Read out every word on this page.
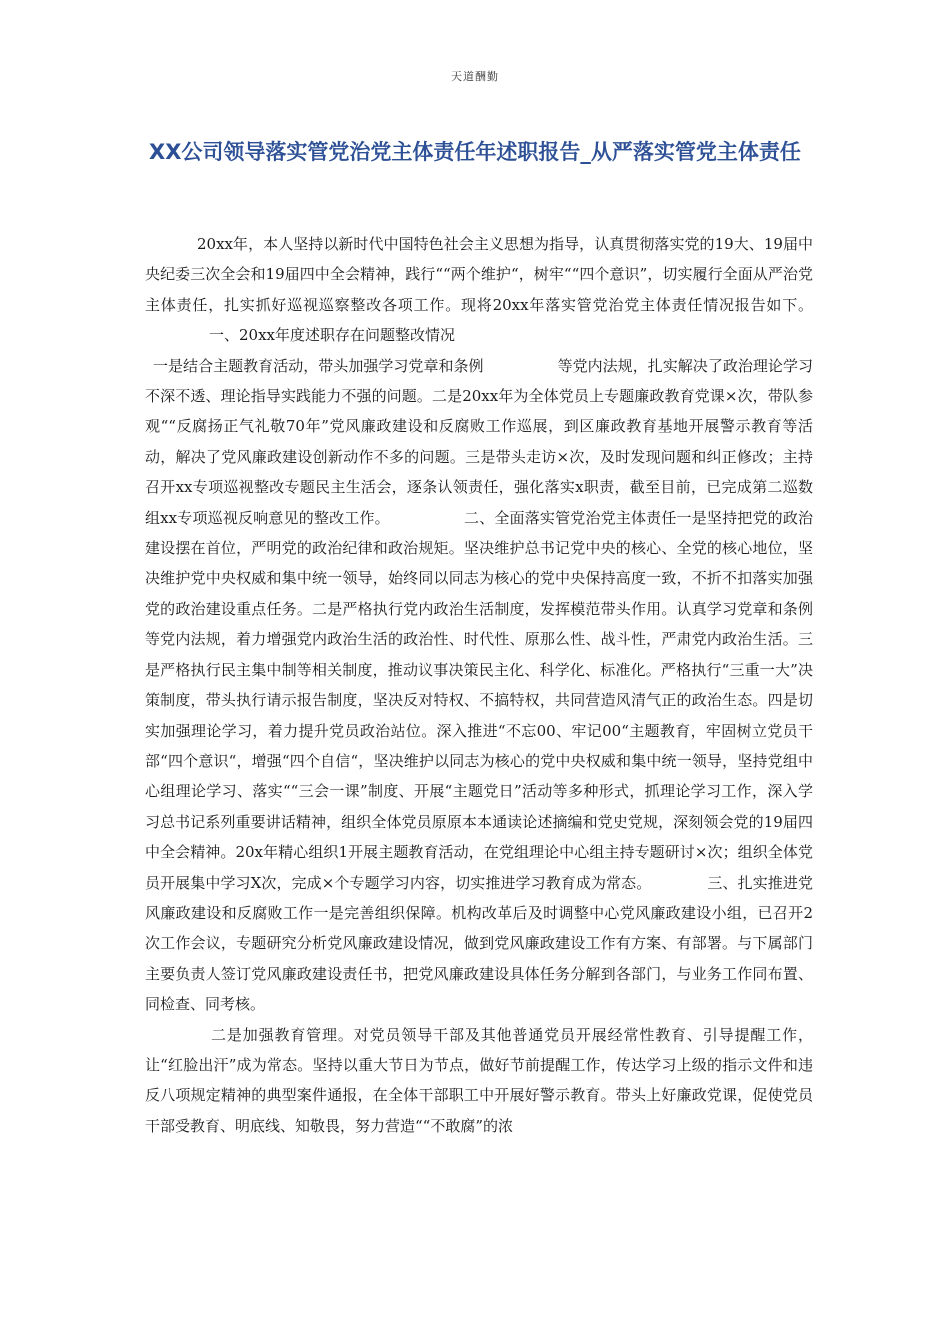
天道酬勤
XX公司领导落实管党治党主体责任年述职报告_从严落实管党主体责任

20xx年，本人坚持以新时代中国特色社会主义思想为指导，认真贯彻落实党的19大、19届中央纪委三次全会和19届四中全会精神，践行““两个维护“，树牢““四个意识”，切实履行全面从严治党主体责任，扎实抓好巡视巡察整改各项工作。现将20xx年落实管党治党主体责任情况报告如下。一、20xx年度述职存在问题整改情况

一是结合主题教育活动，带头加强学习党章和条例	等党内法规，扎实解决了政治理论学习不深不透、理论指导实践能力不强的问题。二是20xx年为全体党员上专题廉政教育党课×次，带队参观““反腐扬正气礼敬70年”党风廉政建设和反腐败工作巡展，到区廉政教育基地开展警示教育等活动，解决了党风廉政建设创新动作不多的问题。三是带头走访×次，及时发现问题和纠正修改；主持召开xx专项巡视整改专题民主生活会，逐条认领责任，强化落实x职责，截至目前，已完成第二巡数组xx专项巡视反响意见的整改工作。	二、全面落实管党治党主体责任一是坚持把党的政治建设摆在首位，严明党的政治纪律和政治规矩。坚决维护总书记党中央的核心、全党的核心地位，坚决维护党中央权威和集中统一领导，始终同以同志为核心的党中央保持高度一致，不折不扣落实加强党的政治建设重点任务。二是严格执行党内政治生活制度，发挥模范带头作用。认真学习党章和条例等党内法规，着力增强党内政治生活的政治性、时代性、原那么性、战斗性，严肃党内政治生活。三是严格执行民主集中制等相关制度，推动议事决策民主化、科学化、标准化。严格执行“三重一大”决策制度，带头执行请示报告制度，坚决反对特权、不搞特权，共同营造风清气正的政治生态。四是切实加强理论学习，着力提升党员政治站位。深入推进“不忘00、牢记00“主题教育，牢固树立党员干部“四个意识“，增强“四个自信“，坚决维护以同志为核心的党中央权威和集中统一领导，坚持党组中心组理论学习、落实““三会一课”制度、开展“主题党日”活动等多种形式，抓理论学习工作，深入学习总书记系列重要讲话精神，组织全体党员原原本本通读论述摘编和党史党规，深刻领会党的19届四中全会精神。20x年精心组织1开展主题教育活动，在党组理论中心组主持专题研讨×次；组织全体党员开展集中学习X次，完成×个专题学习内容，切实推进学习教育成为常态。	三、扎实推进党风廉政建设和反腐败工作一是完善组织保障。机构改革后及时调整中心党风廉政建设小组，已召开2次工作会议，专题研究分析党风廉政建设情况，做到党风廉政建设工作有方案、有部署。与下属部门主要负责人签订党风廉政建设责任书，把党风廉政建设具体任务分解到各部门，与业务工作同布置、同检查、同考核。

二是加强教育管理。对党员领导干部及其他普通党员开展经常性教育、引导提醒工作，让“红脸出汗”成为常态。坚持以重大节日为节点，做好节前提醒工作，传达学习上级的指示文件和违反八项规定精神的典型案件通报，在全体干部职工中开展好警示教育。带头上好廉政党课，促使党员干部受教育、明底线、知敬畏，努力营造““不敢腐”的浓
